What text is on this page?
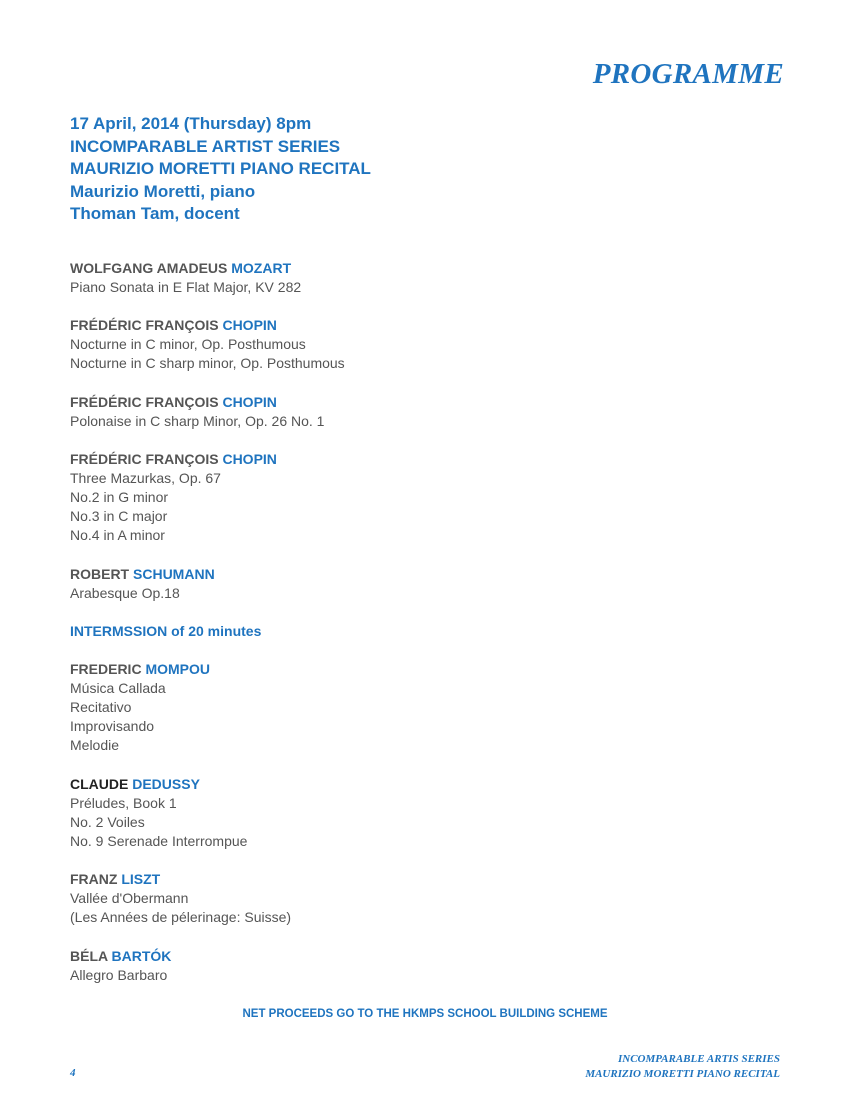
PROGRAMME
17 April, 2014 (Thursday) 8pm
INCOMPARABLE ARTIST SERIES
MAURIZIO MORETTI PIANO RECITAL
Maurizio Moretti, piano
Thoman Tam, docent
WOLFGANG AMADEUS MOZART
Piano Sonata in E Flat Major, KV 282
FRÉDÉRIC FRANÇOIS CHOPIN
Nocturne in C minor, Op. Posthumous
Nocturne in C sharp minor, Op. Posthumous
FRÉDÉRIC FRANÇOIS CHOPIN
Polonaise in C sharp Minor, Op. 26 No. 1
FRÉDÉRIC FRANÇOIS CHOPIN
Three Mazurkas, Op. 67
No.2 in G minor
No.3 in C major
No.4 in A minor
ROBERT SCHUMANN
Arabesque Op.18
INTERMSSION of 20 minutes
FREDERIC MOMPOU
Música Callada
Recitativo
Improvisando
Melodie
CLAUDE DEDUSSY
Préludes, Book 1
No. 2 Voiles
No. 9 Serenade Interrompue
FRANZ LISZT
Vallée d'Obermann
(Les Années de pélerinage: Suisse)
BÉLA BARTÓK
Allegro Barbaro
NET PROCEEDS GO TO THE HKMPS SCHOOL BUILDING SCHEME
INCOMPARABLE ARTIS SERIES
MAURIZIO MORETTI PIANO RECITAL
4
